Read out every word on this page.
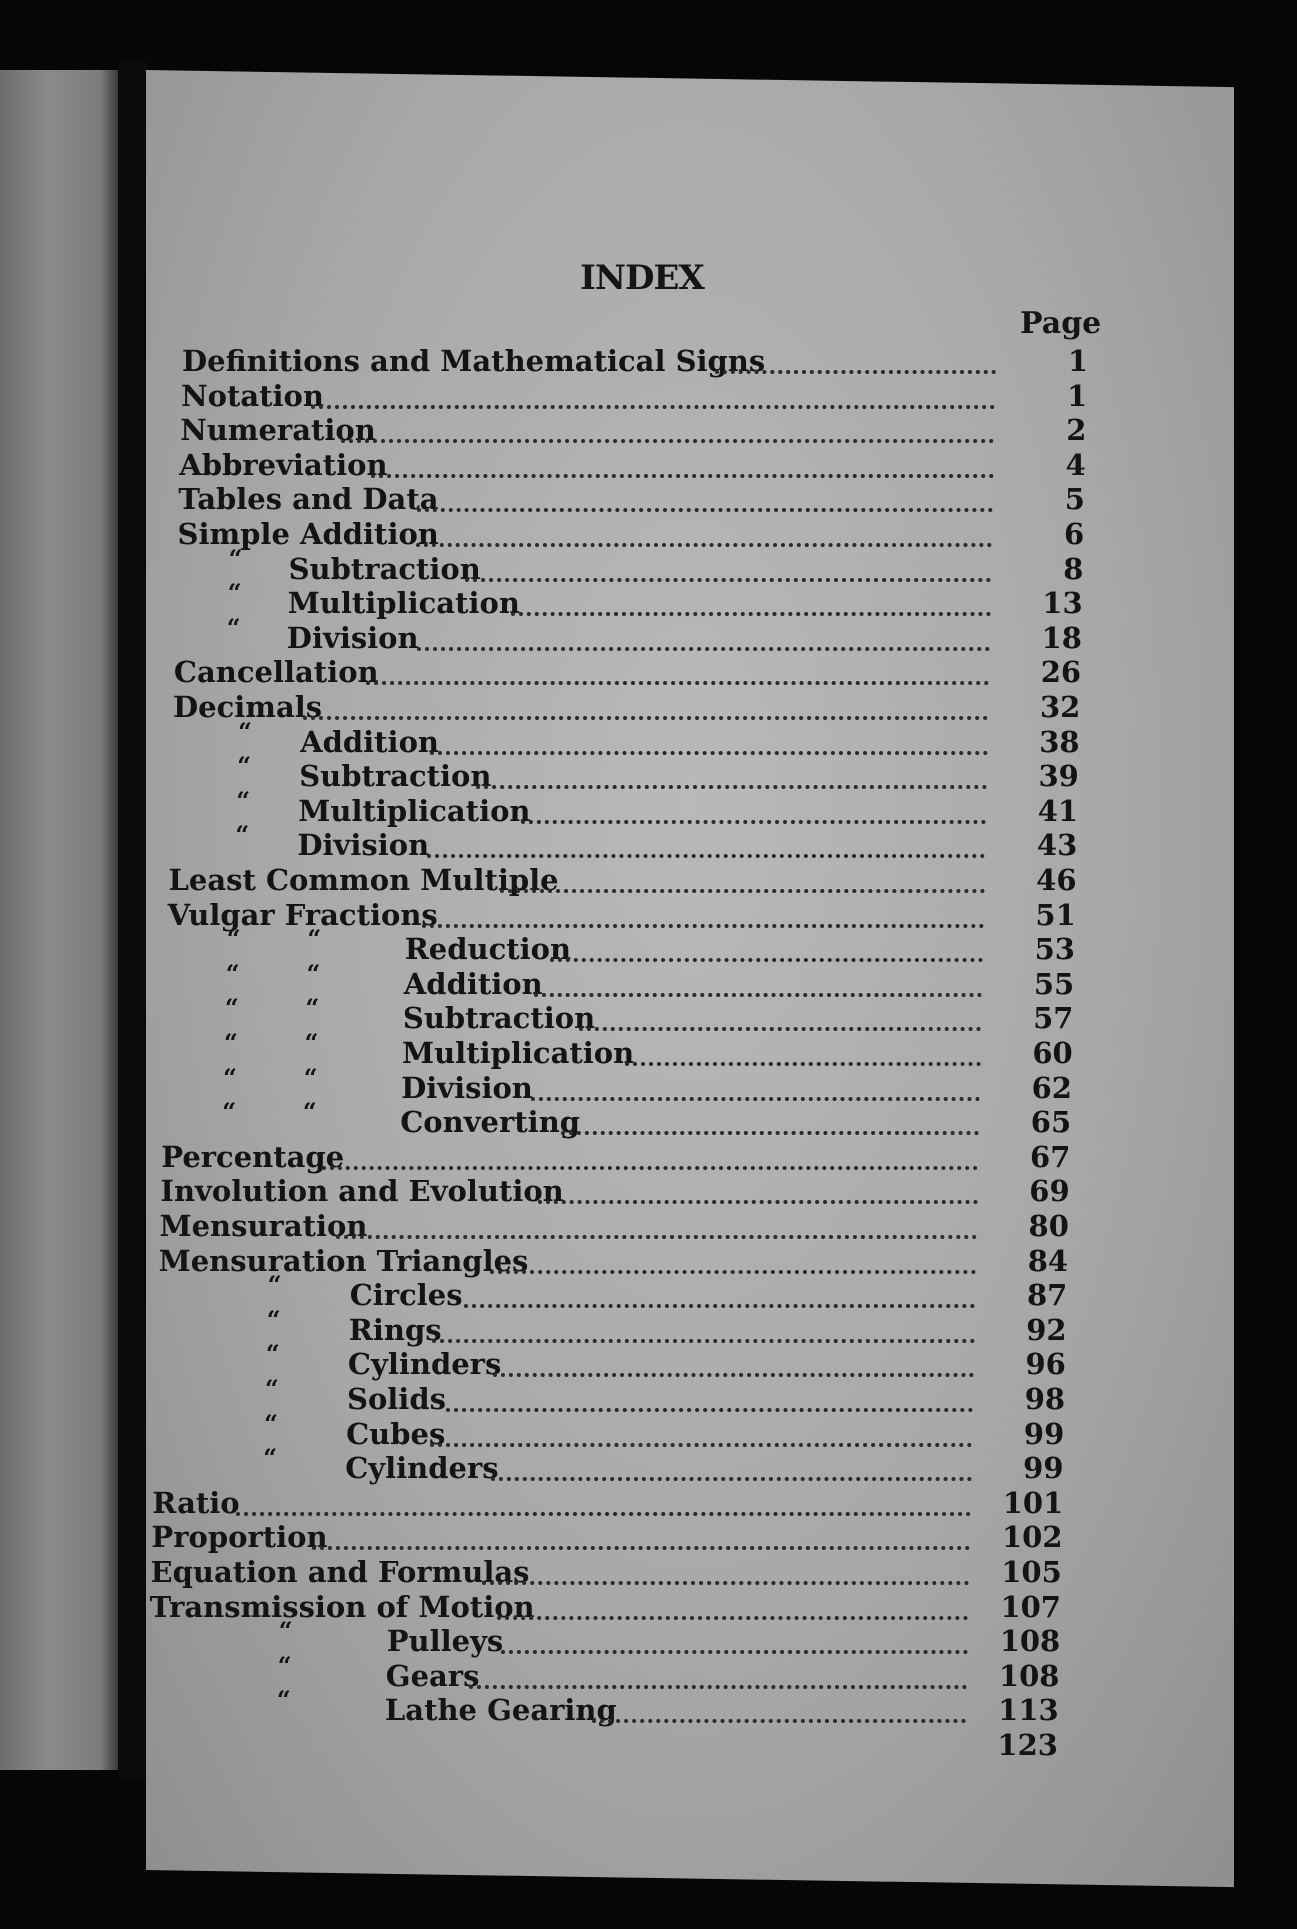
INDEX
Page
Definitions and Mathematical Signs	1
Notation	1
Numeration	2
Abbreviation	4
Tables and Data	5
Simple Addition	6
“ Subtraction	8
“ Multiplication	13
“ Division	18
Cancellation	26
Decimals	32
“ Addition	38
“ Subtraction	39
“ Multiplication	41
“ Division	43
Least Common Multiple	46
Vulgar Fractions	51
“        “	Reduction	53
“        “	Addition	55
“        “	Subtraction	57
“        “	Multiplication	60
“        “	Division	62
“        “	Converting	65
Percentage	67
Involution and Evolution	69
Mensuration	80
Mensuration Triangles	84
“ Circles	87
“ Rings	92
“ Cylinders	96
“ Solids	98
“ Cubes	99
“ Cylinders	99
Ratio	101
Proportion	102
Equation and Formulas	105
Transmission of Motion	107
“	Pulleys	108
“	Gears	108
“	Lathe Gearing	113
123
